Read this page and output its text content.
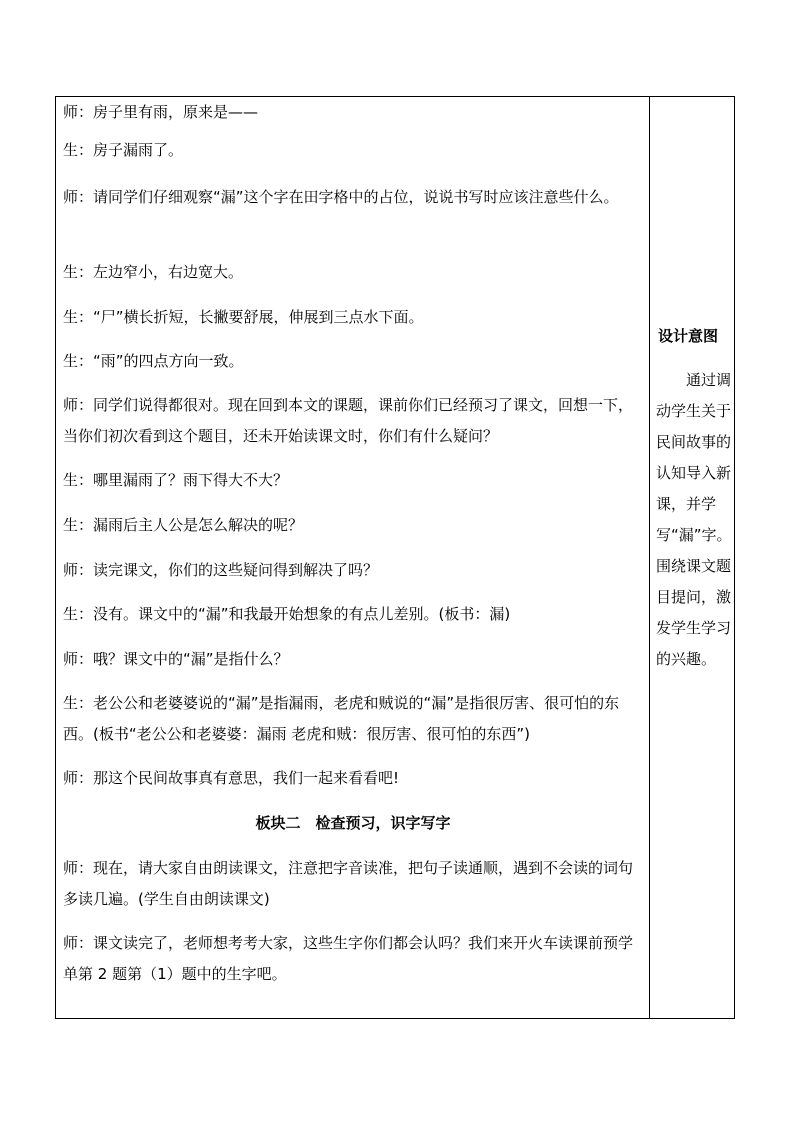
师：房子里有雨，原来是——

生：房子漏雨了。

师：请同学们仔细观察“漏”这个字在田字格中的占位，说说书写时应该注意些什么。

生：左边窄小，右边宽大。

生：“尸”横长折短，长撇要舒展，伸展到三点水下面。

生：“雨”的四点方向一致。

师：同学们说得都很对。现在回到本文的课题，课前你们已经预习了课文，回想一下，当你们初次看到这个题目，还未开始读课文时，你们有什么疑问？

生：哪里漏雨了？雨下得大不大？

生：漏雨后主人公是怎么解决的呢？

师：读完课文，你们的这些疑问得到解决了吗？

生：没有。课文中的“漏”和我最开始想象的有点儿差别。(板书：漏)

师：哦？课文中的“漏”是指什么？

生：老公公和老婆婆说的“漏”是指漏雨，老虎和贼说的“漏”是指很厉害、很可怕的东西。(板书“老公公和老婆婆：漏雨 老虎和贼：很厉害、很可怕的东西”)

师：那这个民间故事真有意思，我们一起来看看吧!

板块二　检查预习，识字写字

师：现在，请大家自由朗读课文，注意把字音读准，把句子读通顺，遇到不会读的词句多读几遍。(学生自由朗读课文)

师：课文读完了，老师想考考大家，这些生字你们都会认吗？我们来开火车读课前预学单第 2 题第（1）题中的生字吧。

设计意图

通过调动学生关于民间故事的认知导入新课，并学写“漏”字。围绕课文题目提问，激发学生学习的兴趣。
